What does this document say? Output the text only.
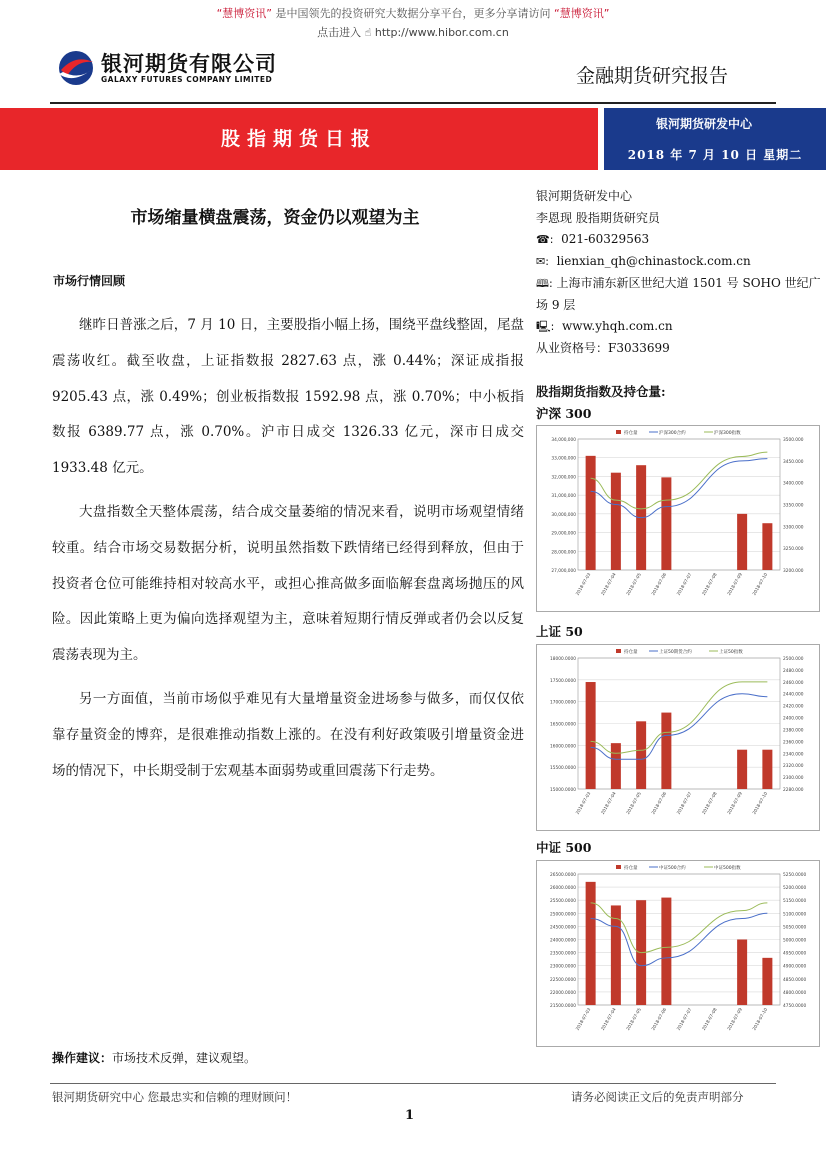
“慧博资讯” 是中国领先的投资研究大数据分享平台，更多分享请访问 “慧博资讯”
点击进入 ☝ http://www.hibor.com.cn
银河期货有限公司
GALAXY FUTURES COMPANY LIMITED	金融期货研究报告
股指期货日报
银河期货研发中心
2018 年 7 月 10 日 星期二
市场缩量横盘震荡，资金仍以观望为主
市场行情回顾

继昨日普涨之后，7 月 10 日，主要股指小幅上扬，围绕平盘线整固，尾盘震荡收红。截至收盘，上证指数报 2827.63 点，涨 0.44%；深证成指报 9205.43 点，涨 0.49%；创业板指数报 1592.98 点，涨 0.70%；中小板指数报 6389.77 点，涨 0.70%。沪市日成交 1326.33 亿元，深市日成交 1933.48 亿元。

大盘指数全天整体震荡，结合成交量萎缩的情况来看，说明市场观望情绪较重。结合市场交易数据分析，说明虽然指数下跌情绪已经得到释放，但由于投资者仓位可能维持相对较高水平，或担心推高做多面临解套盘离场抛压的风险。因此策略上更为偏向选择观望为主，意味着短期行情反弹或者仍会以反复震荡表现为主。

另一方面值，当前市场似乎难见有大量增量资金进场参与做多，而仅仅依靠存量资金的博弈，是很难推动指数上涨的。在没有利好政策吸引增量资金进场的情况下，中长期受制于宏观基本面弱势或重回震荡下行走势。

操作建议：市场技术反弹，建议观望。
银河期货研发中心
李恩现 股指期货研究员
☎: 021-60329563
✉: lienxian_qh@chinastock.com.cn
🕮: 上海市浦东新区世纪大道 1501 号 SOHO 世纪广场 9 层
🖳: www.yhqh.com.cn
从业资格号：F3033699
股指期货指数及持仓量:
沪深 300
27,000,000
28,000,000
29,000,000
30,000,000
31,000,000
32,000,000
33,000,000
34,000,000
3200.000
3250.000
3300.000
3350.000
3400.000
3450.000
3500.000
2018-07-03 2018-07-04 2018-07-05 2018-07-06 2018-07-07 2018-07-08 2018-07-09 2018-07-10
持仓量	沪深300合约	沪深300指数
上证 50
15000.0000
15500.0000
16000.0000
16500.0000
17000.0000
17500.0000
18000.0000
2280.000
2300.000
2320.000
2340.000
2360.000
2380.000
2400.000
2420.000
2440.000
2460.000
2480.000
2500.000
2018-07-03 2018-07-04 2018-07-05 2018-07-06 2018-07-07 2018-07-08 2018-07-09 2018-07-10
持仓量	上证50期货合约	上证50指数
中证 500
21500.0000
22000.0000
22500.0000
23000.0000
23500.0000
24000.0000
24500.0000
25000.0000
25500.0000
26000.0000
26500.0000
4750.0000
4800.0000
4850.0000
4900.0000
4950.0000
5000.0000
5050.0000
5100.0000
5150.0000
5200.0000
5250.0000
2018-07-03 2018-07-04 2018-07-05 2018-07-06 2018-07-07 2018-07-08 2018-07-09 2018-07-10
持仓量	中证500合约	中证500指数
银河期货研究中心 您最忠实和信赖的理财顾问！	请务必阅读正文后的免责声明部分
1
